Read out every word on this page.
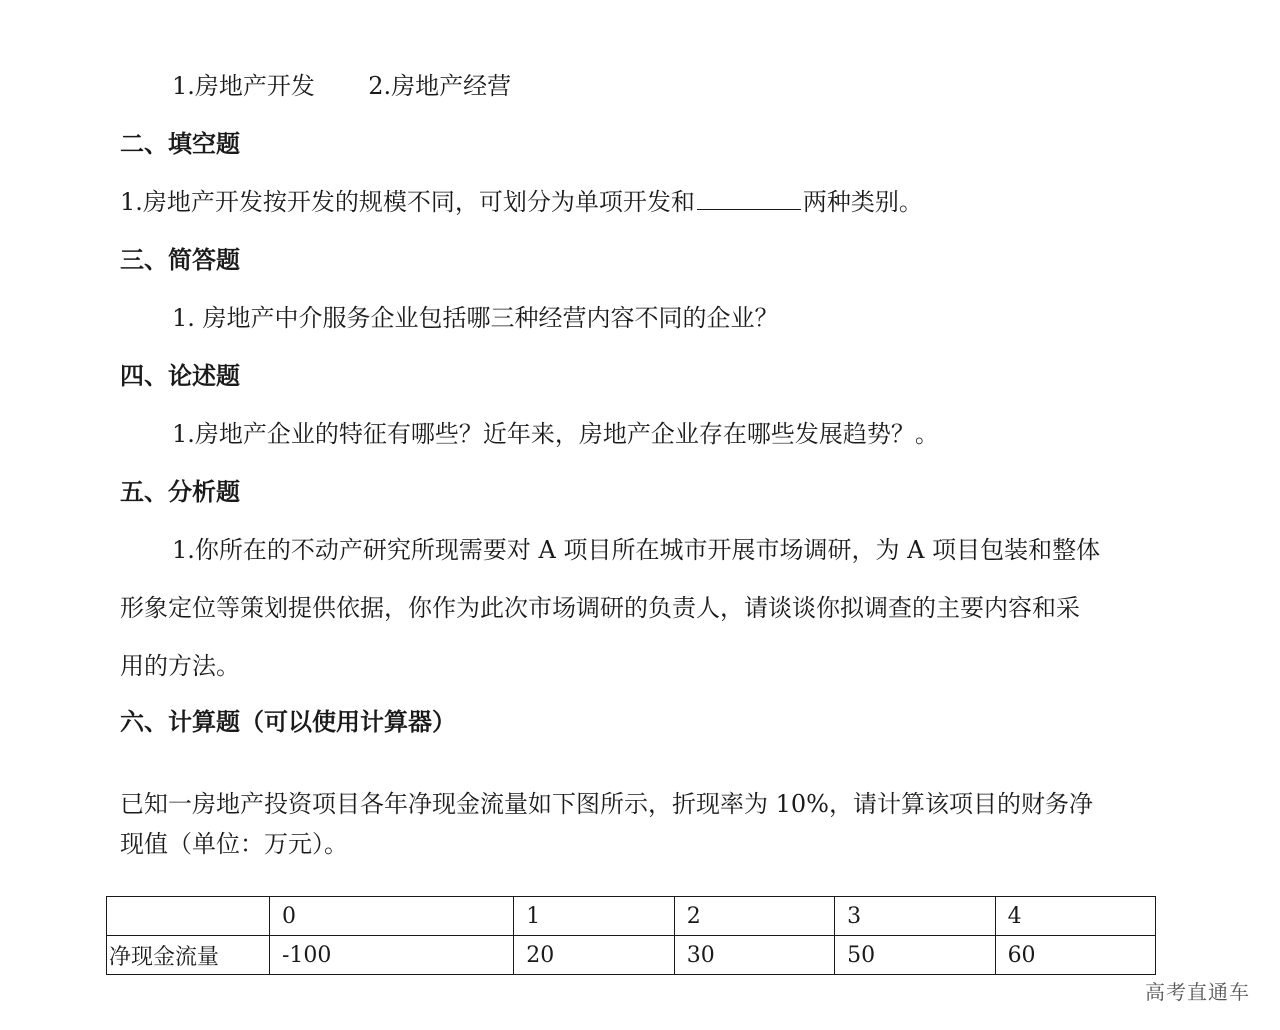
1.房地产开发 2.房地产经营
二、填空题
1.房地产开发按开发的规模不同，可划分为单项开发和	两种类别。
三、简答题
1. 房地产中介服务企业包括哪三种经营内容不同的企业？
四、论述题
1.房地产企业的特征有哪些？近年来，房地产企业存在哪些发展趋势？。
五、分析题
1.你所在的不动产研究所现需要对 A 项目所在城市开展市场调研，为 A 项目包装和整体
形象定位等策划提供依据，你作为此次市场调研的负责人，请谈谈你拟调查的主要内容和采
用的方法。
六、计算题（可以使用计算器）
已知一房地产投资项目各年净现金流量如下图所示，折现率为 10%，请计算该项目的财务净
现值（单位：万元）。
	0	1	2	3	4
净现金流量	-100	20	30	50	60
高考直通车
